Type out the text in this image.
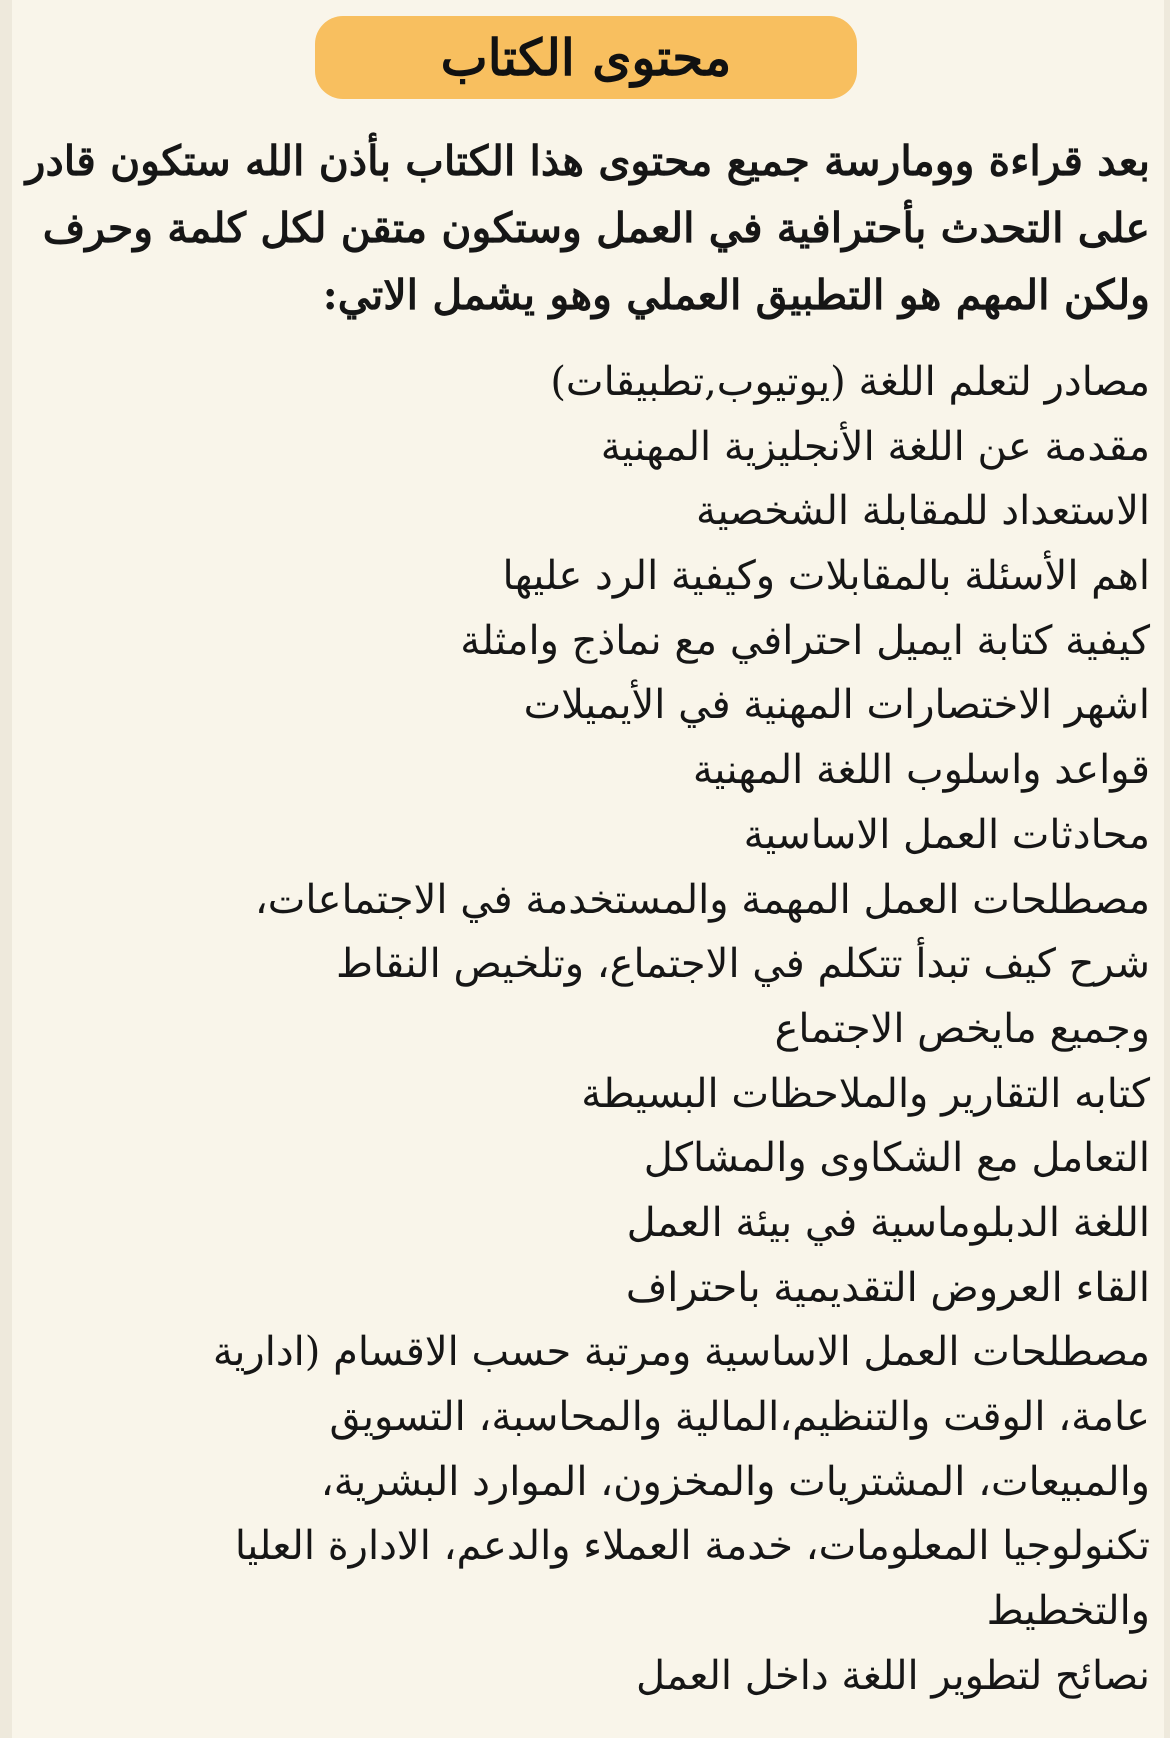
محتوى الكتاب
بعد قراءة وومارسة جميع محتوى هذا الكتاب بأذن الله ستكون قادر
على التحدث بأحترافية في العمل وستكون متقن لكل كلمة وحرف
ولكن المهم هو التطبيق العملي وهو يشمل الاتي:
مصادر لتعلم اللغة (يوتيوب,تطبيقات)
مقدمة عن اللغة الأنجليزية المهنية
الاستعداد للمقابلة الشخصية
اهم الأسئلة بالمقابلات وكيفية الرد عليها
كيفية كتابة ايميل احترافي مع نماذج وامثلة
اشهر الاختصارات المهنية في الأيميلات
قواعد واسلوب اللغة المهنية
محادثات العمل الاساسية
مصطلحات العمل المهمة والمستخدمة في الاجتماعات،
شرح كيف تبدأ تتكلم في الاجتماع، وتلخيص النقاط
وجميع مايخص الاجتماع
كتابه التقارير والملاحظات البسيطة
التعامل مع الشكاوى والمشاكل
اللغة الدبلوماسية في بيئة العمل
القاء العروض التقديمية باحتراف
مصطلحات العمل الاساسية ومرتبة حسب الاقسام (ادارية
عامة، الوقت والتنظيم،المالية والمحاسبة، التسويق
والمبيعات، المشتريات والمخزون، الموارد البشرية،
تكنولوجيا المعلومات، خدمة العملاء والدعم، الادارة العليا
والتخطيط
نصائح لتطوير اللغة داخل العمل
